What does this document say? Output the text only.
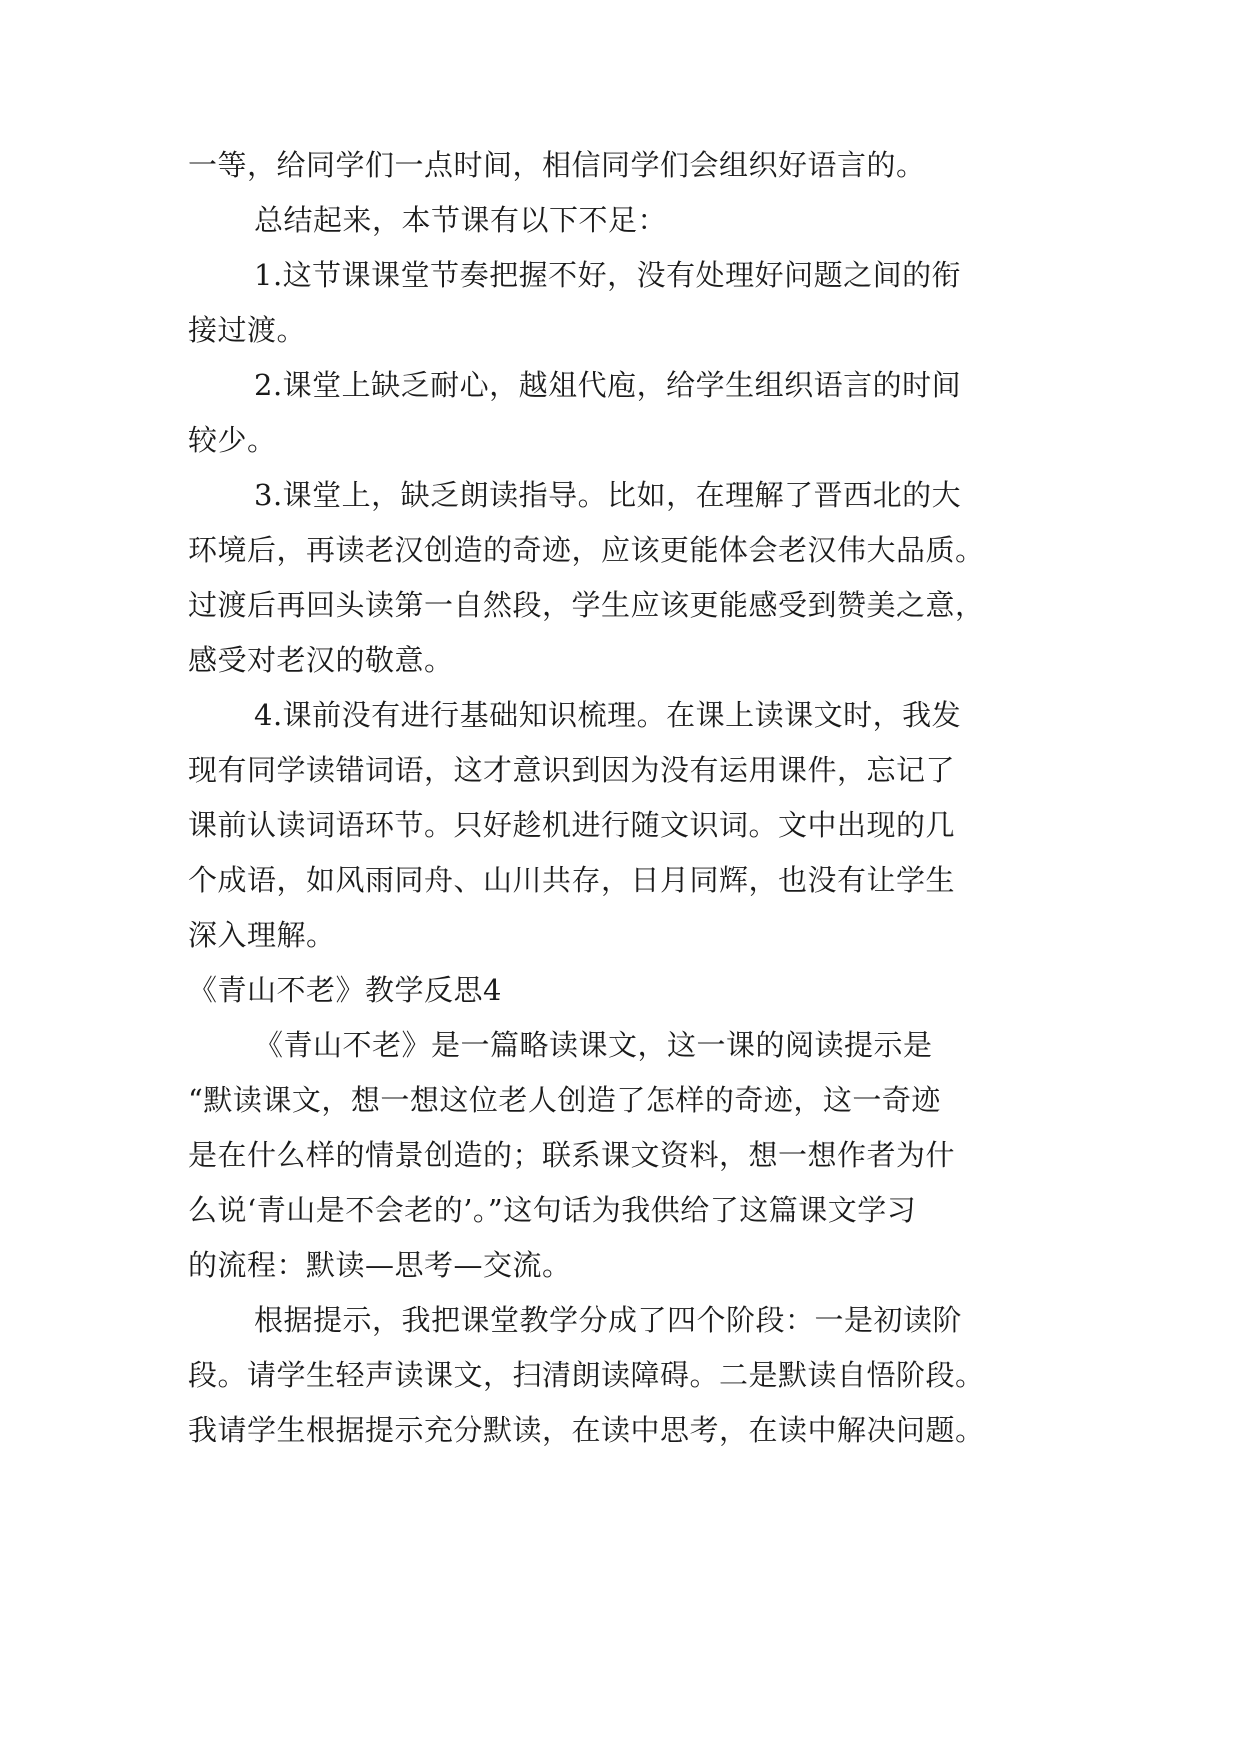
一等，给同学们一点时间，相信同学们会组织好语言的。
总结起来，本节课有以下不足：
1.这节课课堂节奏把握不好，没有处理好问题之间的衔
接过渡。
2.课堂上缺乏耐心，越俎代庖，给学生组织语言的时间
较少。
3.课堂上，缺乏朗读指导。比如，在理解了晋西北的大
环境后，再读老汉创造的奇迹，应该更能体会老汉伟大品质。
过渡后再回头读第一自然段，学生应该更能感受到赞美之意，
感受对老汉的敬意。
4.课前没有进行基础知识梳理。在课上读课文时，我发
现有同学读错词语，这才意识到因为没有运用课件，忘记了
课前认读词语环节。只好趁机进行随文识词。文中出现的几
个成语，如风雨同舟、山川共存，日月同辉，也没有让学生
深入理解。
《青山不老》教学反思4
《青山不老》是一篇略读课文，这一课的阅读提示是
“默读课文，想一想这位老人创造了怎样的奇迹，这一奇迹
是在什么样的情景创造的；联系课文资料，想一想作者为什
么说‘青山是不会老的’。”这句话为我供给了这篇课文学习
的流程：默读—思考—交流。
根据提示，我把课堂教学分成了四个阶段：一是初读阶
段。请学生轻声读课文，扫清朗读障碍。二是默读自悟阶段。
我请学生根据提示充分默读，在读中思考，在读中解决问题。
